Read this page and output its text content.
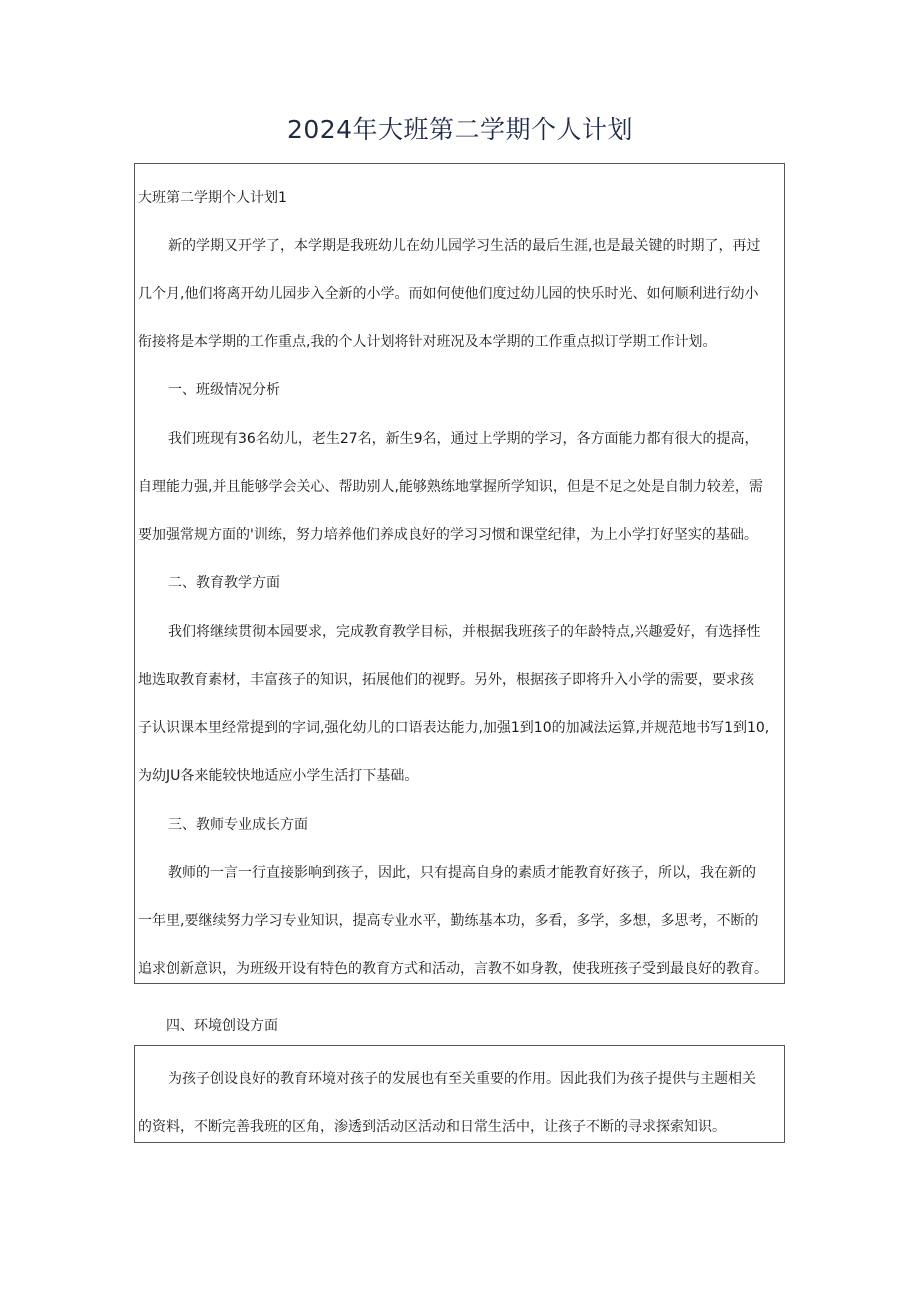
2024年大班第二学期个人计划
大班第二学期个人计划1
新的学期又开学了，本学期是我班幼儿在幼儿园学习生活的最后生涯,也是最关键的时期了，再过
几个月,他们将离开幼儿园步入全新的小学。而如何使他们度过幼儿园的快乐时光、如何顺利进行幼小
衔接将是本学期的工作重点,我的个人计划将针对班况及本学期的工作重点拟订学期工作计划。
一、班级情况分析
我们班现有36名幼儿，老生27名，新生9名，通过上学期的学习，各方面能力都有很大的提高，
自理能力强,并且能够学会关心、帮助别人,能够熟练地掌握所学知识，但是不足之处是自制力较差，需
要加强常规方面的'训练，努力培养他们养成良好的学习习惯和课堂纪律，为上小学打好坚实的基础。
二、教育教学方面
我们将继续贯彻本园要求，完成教育教学目标，并根据我班孩子的年龄特点,兴趣爱好，有选择性
地选取教育素材，丰富孩子的知识，拓展他们的视野。另外，根据孩子即将升入小学的需要，要求孩
子认识课本里经常提到的字词,强化幼儿的口语表达能力,加强1到10的加减法运算,并规范地书写1到10,
为幼JU各来能较快地适应小学生活打下基础。
三、教师专业成长方面
教师的一言一行直接影响到孩子，因此，只有提高自身的素质才能教育好孩子，所以，我在新的
一年里,要继续努力学习专业知识，提高专业水平，勤练基本功，多看，多学，多想，多思考，不断的
追求创新意识，为班级开设有特色的教育方式和活动，言教不如身教，使我班孩子受到最良好的教育。
四、环境创设方面
为孩子创设良好的教育环境对孩子的发展也有至关重要的作用。因此我们为孩子提供与主题相关
的资料，不断完善我班的区角，渗透到活动区活动和日常生活中，让孩子不断的寻求探索知识。
